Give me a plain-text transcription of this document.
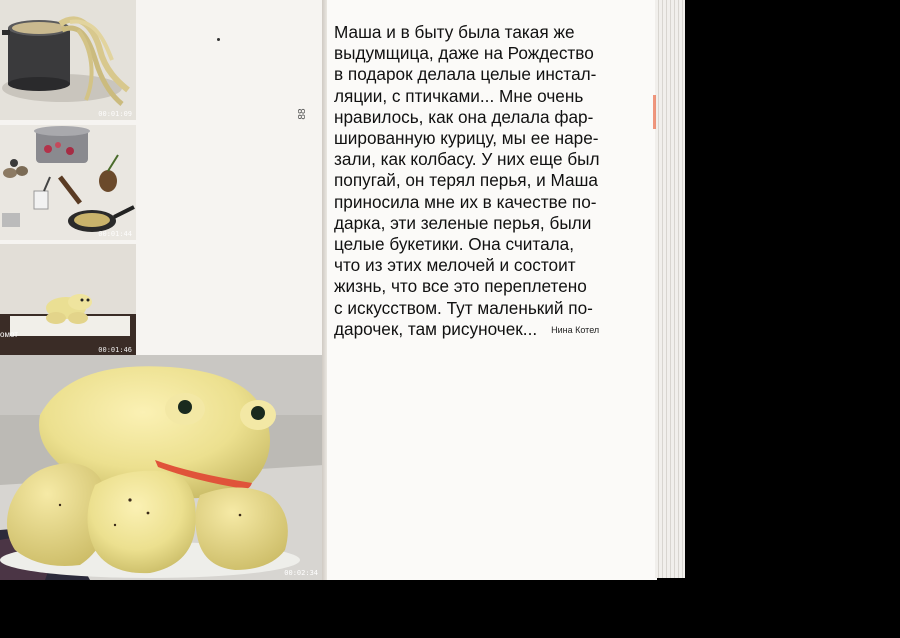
00:01:09
00:01:44
омот
00:01:46
88
00:02:34

Маша и в быту была такая же
выдумщица, даже на Рождество
в подарок делала целые инстал-
ляции, с птичками... Мне очень
нравилось, как она делала фар-
шированную курицу, мы ее наре-
зали, как колбасу. У них еще был
попугай, он терял перья, и Маша
приносила мне их в качестве по-
дарка, эти зеленые перья, были
целые букетики. Она считала,
что из этих мелочей и состоит
жизнь, что все это переплетено
с искусством. Тут маленький по-
дарочек, там рисуночек... Нина Котел
